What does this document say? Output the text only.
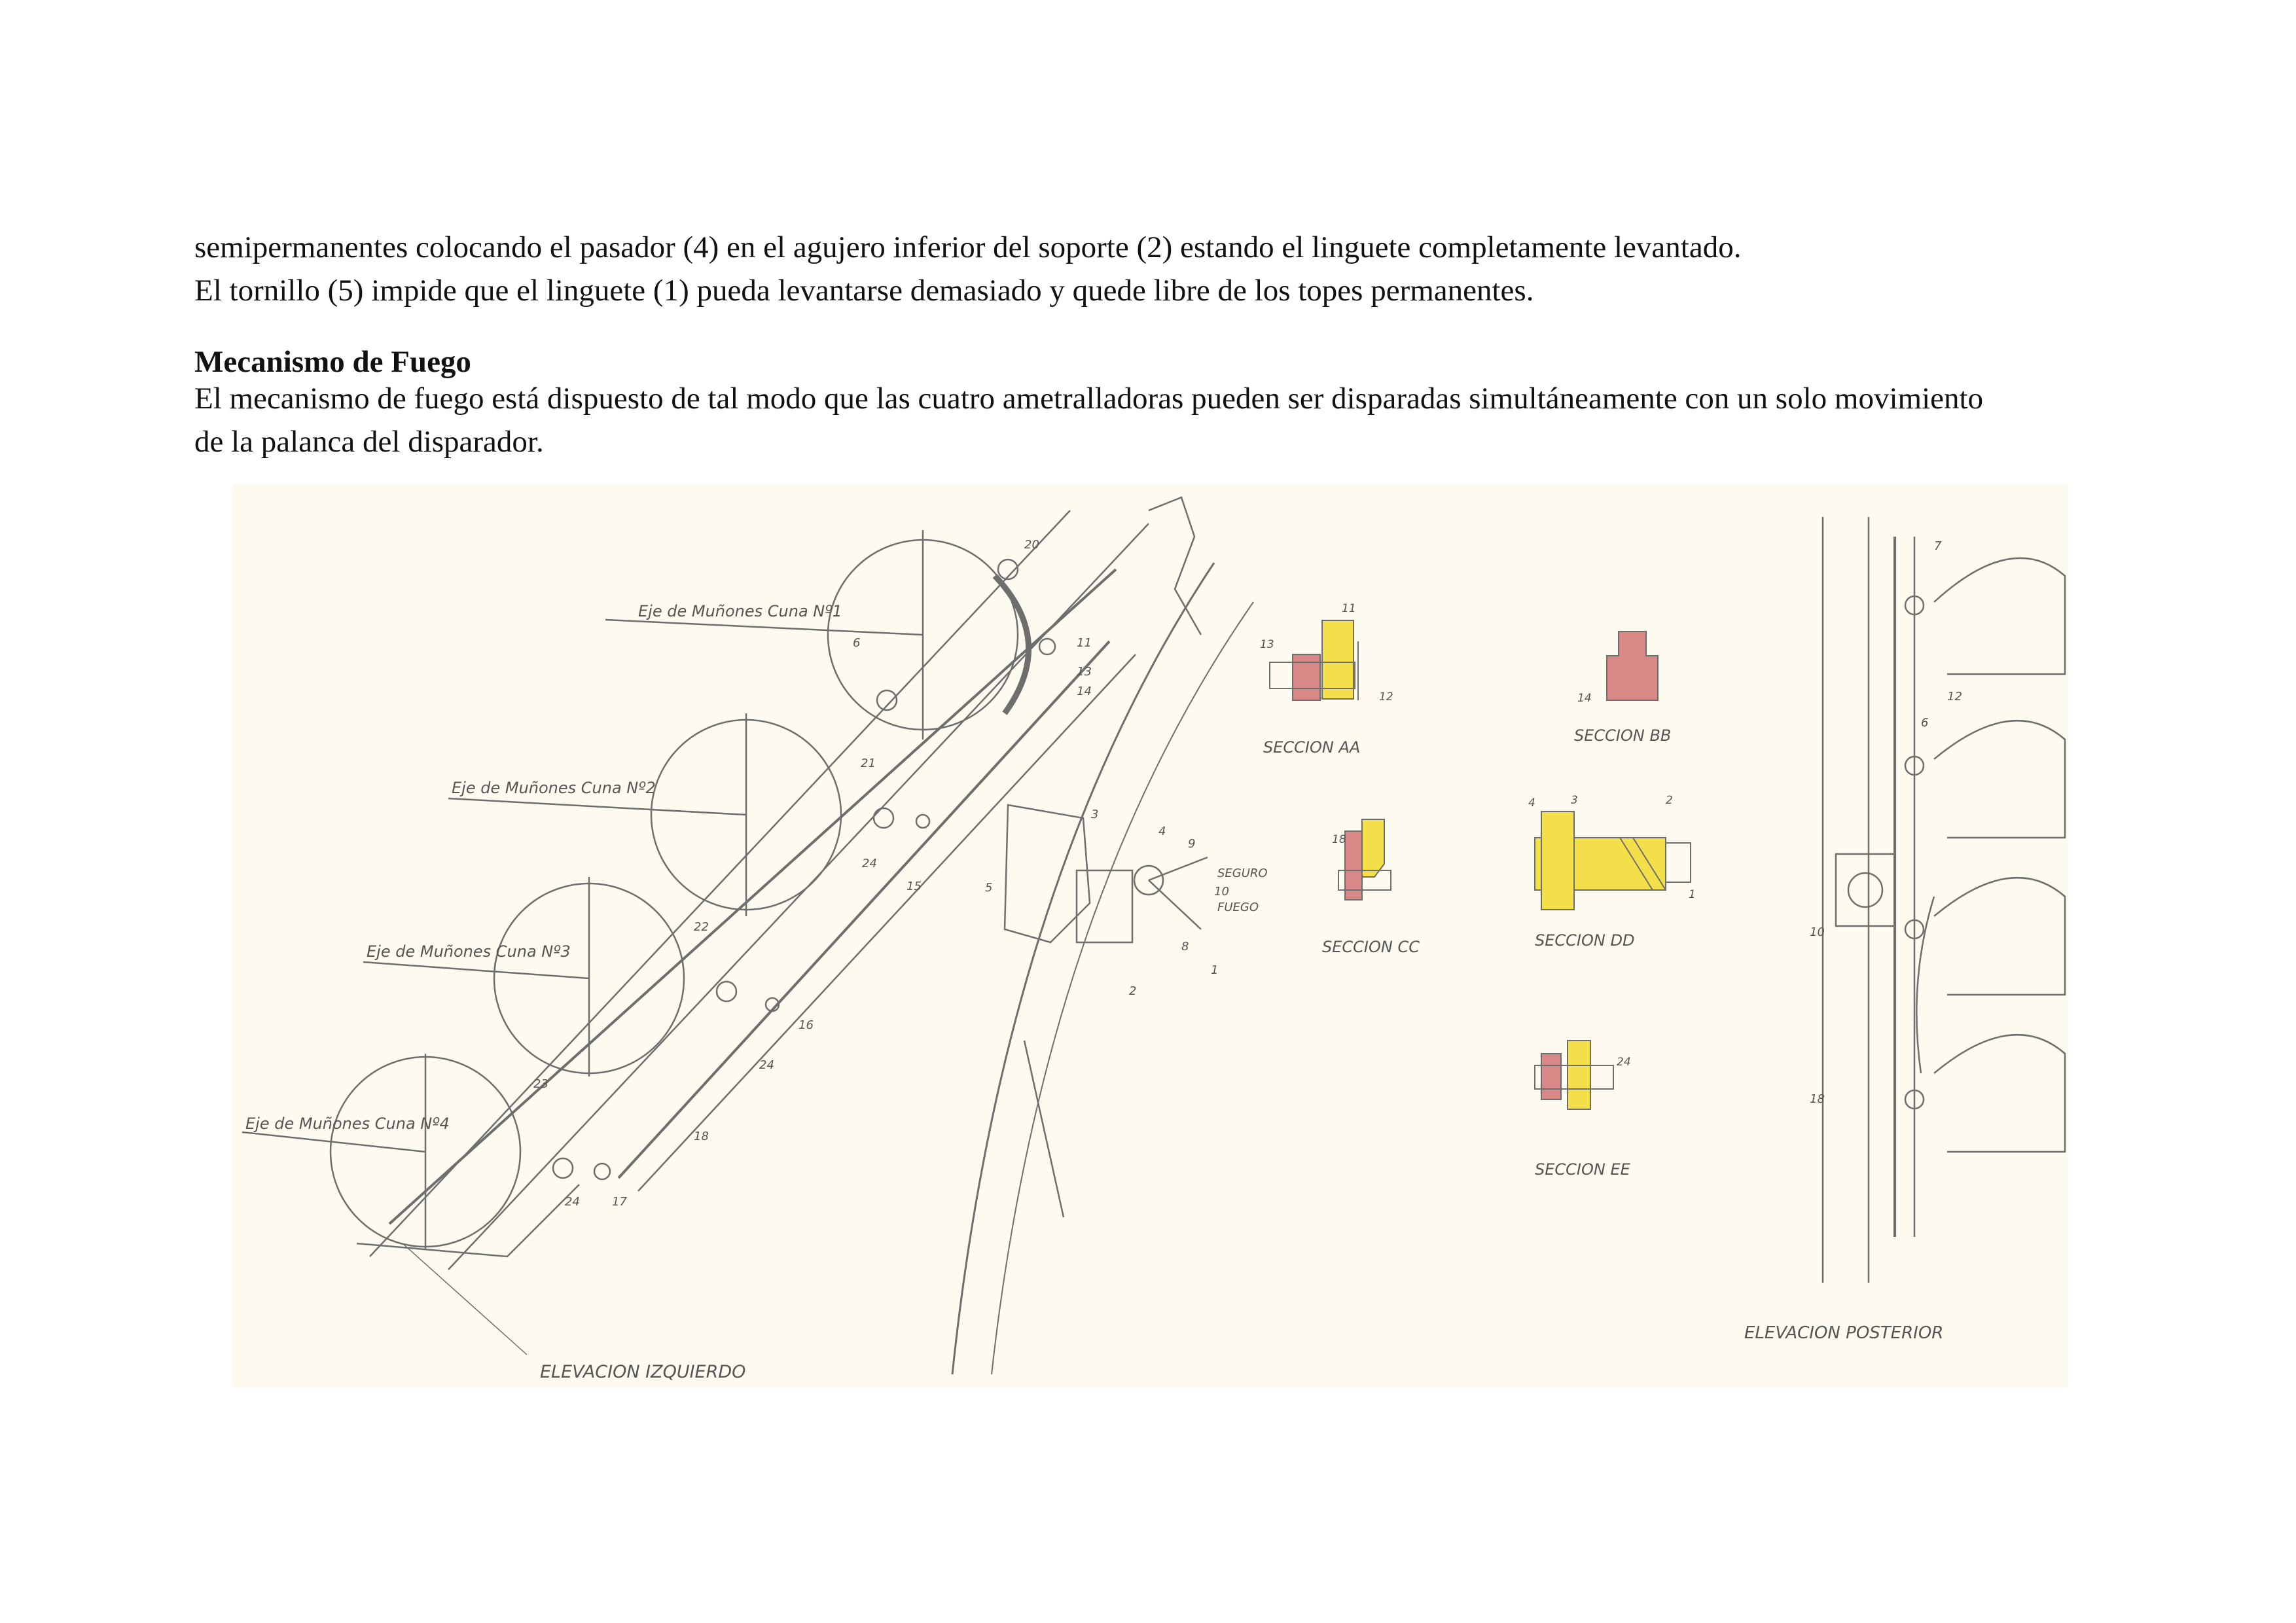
semipermanentes colocando el pasador (4) en el agujero inferior del soporte (2) estando el linguete completamente levantado.
El tornillo (5) impide que el linguete (1) pueda levantarse demasiado y quede libre de los topes permanentes.
Mecanismo de Fuego
El mecanismo de fuego está dispuesto de tal modo que las cuatro ametralladoras pueden ser disparadas simultáneamente con un solo movimiento
de la palanca del disparador.
Eje de Muñones Cuna Nº1
Eje de Muñones Cuna Nº2
Eje de Muñones Cuna Nº3
Eje de Muñones Cuna Nº4
ELEVACION IZQUIERDO
SEGURO
FUEGO
1
2
3
4
5
6
8
9
10
11
13
14
15
16
17
18
20
21
22
23
24
24
24
SECCION AA
13
11
12
SECCION BB
14
SECCION CC
18
SECCION DD
4	3	2
1
SECCION EE
24
7
12
6
10
18
ELEVACION POSTERIOR
